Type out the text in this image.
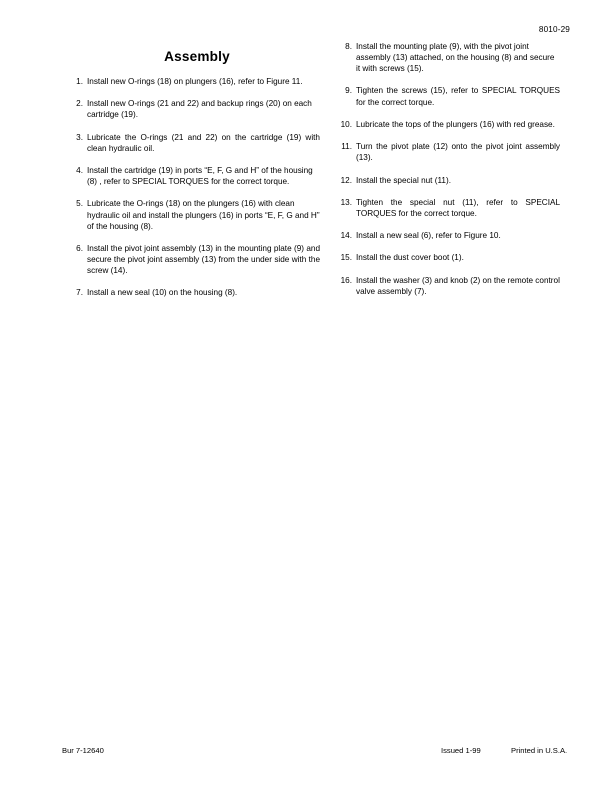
8010-29
Assembly
1. Install new O-rings (18) on plungers (16), refer to Figure 11.
2. Install new O-rings (21 and 22) and backup rings (20) on each cartridge (19).
3. Lubricate the O-rings (21 and 22) on the cartridge (19) with clean hydraulic oil.
4. Install the cartridge (19) in ports “E, F, G and H” of the housing (8) , refer to SPECIAL TORQUES for the correct torque.
5. Lubricate the O-rings (18) on the plungers (16) with clean hydraulic oil and install the plungers (16) in ports “E, F, G and H” of the housing (8).
6. Install the pivot joint assembly (13) in the mounting plate (9) and secure the pivot joint assembly (13) from the under side with the screw (14).
7. Install a new seal (10) on the housing (8).
8. Install the mounting plate (9), with the pivot joint assembly (13) attached, on the housing (8) and secure it with screws (15).
9. Tighten the screws (15), refer to SPECIAL TORQUES for the correct torque.
10. Lubricate the tops of the plungers (16) with red grease.
11. Turn the pivot plate (12) onto the pivot joint assembly (13).
12. Install the special nut (11).
13. Tighten the special nut (11), refer to SPECIAL TORQUES for the correct torque.
14. Install a new seal (6), refer to Figure 10.
15. Install the dust cover boot (1).
16. Install the washer (3) and knob (2) on the remote control valve assembly (7).
Bur 7-12640	Issued 1-99	Printed in U.S.A.
